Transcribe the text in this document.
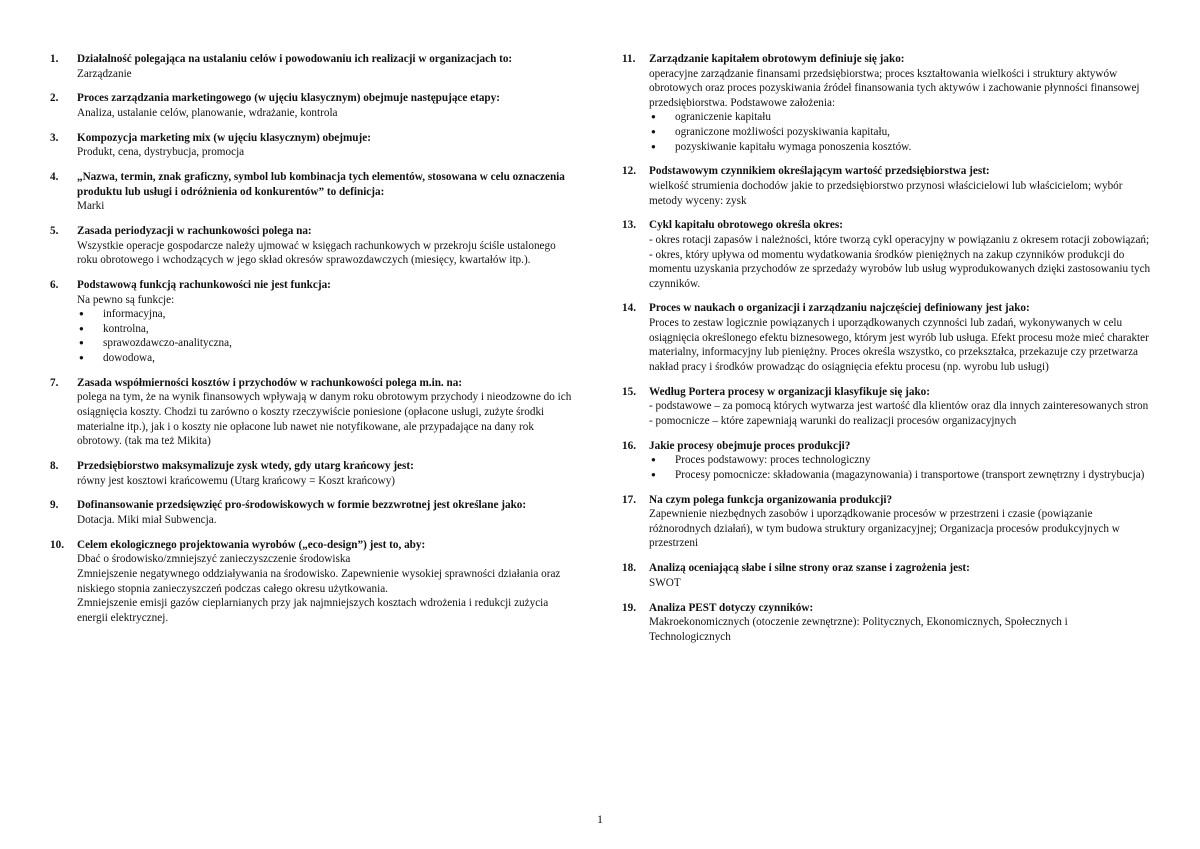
1. Działalność polegająca na ustalaniu celów i powodowaniu ich realizacji w organizacjach to:
Zarządzanie
2. Proces zarządzania marketingowego (w ujęciu klasycznym) obejmuje następujące etapy:
Analiza, ustalanie celów, planowanie, wdrażanie, kontrola
3. Kompozycja marketing mix (w ujęciu klasycznym) obejmuje:
Produkt, cena, dystrybucja, promocja
4. „Nazwa, termin, znak graficzny, symbol lub kombinacja tych elementów, stosowana w celu oznaczenia produktu lub usługi i odróżnienia od konkurentów” to definicja:
Marki
5. Zasada periodyzacji w rachunkowości polega na:
Wszystkie operacje gospodarcze należy ujmować w księgach rachunkowych w przekroju ściśle ustalonego roku obrotowego i wchodzących w jego skład okresów sprawozdawczych (miesięcy, kwartałów itp.).
6. Podstawową funkcją rachunkowości nie jest funkcja:
Na pewno są funkcje:
● informacyjna,
● kontrolna,
● sprawozdawczo-analityczna,
● dowodowa,
7. Zasada współmierności kosztów i przychodów w rachunkowości polega m.in. na:
polega na tym, że na wynik finansowych wpływają w danym roku obrotowym przychody i nieodzowne do ich osiągnięcia koszty. Chodzi tu zarówno o koszty rzeczywiście poniesione (opłacone usługi, zużyte środki materialne itp.), jak i o koszty nie opłacone lub nawet nie notyfikowane, ale przypadające na dany rok obrotowy. (tak ma też Mikita)
8. Przedsiębiorstwo maksymalizuje zysk wtedy, gdy utarg krańcowy jest:
równy jest kosztowi krańcowemu (Utarg krańcowy = Koszt krańcowy)
9. Dofinansowanie przedsięwzięć pro-środowiskowych w formie bezzwrotnej jest określane jako:
Dotacja. Miki miał Subwencja.
10. Celem ekologicznego projektowania wyrobów („eco-design”) jest to, aby:
Dbać o środowisko/zmniejszyć zanieczyszczenie środowiska
Zmniejszenie negatywnego oddziaływania na środowisko. Zapewnienie wysokiej sprawności działania oraz niskiego stopnia zanieczyszczeń podczas całego okresu użytkowania.
Zmniejszenie emisji gazów cieplarnianych przy jak najmniejszych kosztach wdrożenia i redukcji zużycia energii elektrycznej.
11. Zarządzanie kapitałem obrotowym definiuje się jako:
operacyjne zarządzanie finansami przedsiębiorstwa; proces kształtowania wielkości i struktury aktywów obrotowych oraz proces pozyskiwania źródeł finansowania tych aktywów i zachowanie płynności finansowej przedsiębiorstwa. Podstawowe założenia:
● ograniczenie kapitału
● ograniczone możliwości pozyskiwania kapitału,
● pozyskiwanie kapitału wymaga ponoszenia kosztów.
12. Podstawowym czynnikiem określającym wartość przedsiębiorstwa jest:
wielkość strumienia dochodów jakie to przedsiębiorstwo przynosi właścicielowi lub właścicielom; wybór metody wyceny: zysk
13. Cykl kapitału obrotowego określa okres:
- okres rotacji zapasów i należności, które tworzą cykl operacyjny w powiązaniu z okresem rotacji zobowiązań;
- okres, który upływa od momentu wydatkowania środków pieniężnych na zakup czynników produkcji do momentu uzyskania przychodów ze sprzedaży wyrobów lub usług wyprodukowanych dzięki zastosowaniu tych czynników.
14. Proces w naukach o organizacji i zarządzaniu najczęściej definiowany jest jako:
Proces to zestaw logicznie powiązanych i uporządkowanych czynności lub zadań, wykonywanych w celu osiągnięcia określonego efektu biznesowego, którym jest wyrób lub usługa. Efekt procesu może mieć charakter materialny, informacyjny lub pieniężny. Proces określa wszystko, co przekształca, przekazuje czy przetwarza nakład pracy i środków prowadząc do osiągnięcia efektu procesu (np. wyrobu lub usługi)
15. Według Portera procesy w organizacji klasyfikuje się jako:
- podstawowe – za pomocą których wytwarza jest wartość dla klientów oraz dla innych zainteresowanych stron
- pomocnicze – które zapewniają warunki do realizacji procesów organizacyjnych
16. Jakie procesy obejmuje proces produkcji?
● Proces podstawowy: proces technologiczny
● Procesy pomocnicze: składowania (magazynowania) i transportowe (transport zewnętrzny i dystrybucja)
17. Na czym polega funkcja organizowania produkcji?
Zapewnienie niezbędnych zasobów i uporządkowanie procesów w przestrzeni i czasie (powiązanie różnorodnych działań), w tym budowa struktury organizacyjnej; Organizacja procesów produkcyjnych w przestrzeni
18. Analizą oceniającą słabe i silne strony oraz szanse i zagrożenia jest:
SWOT
19. Analiza PEST dotyczy czynników:
Makroekonomicznych (otoczenie zewnętrzne): Politycznych, Ekonomicznych, Społecznych i Technologicznych
1
